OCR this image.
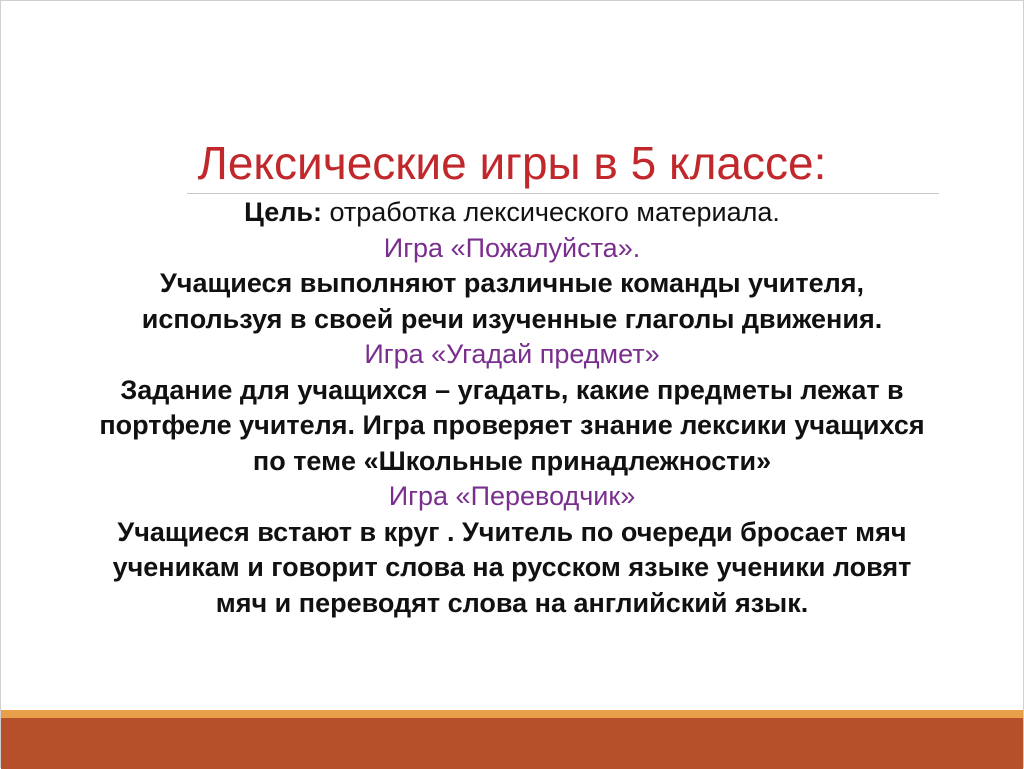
Лексические игры в 5 классе:
Цель: отработка лексического материала.
Игра «Пожалуйста».
Учащиеся выполняют различные команды учителя,
используя в своей речи изученные глаголы движения.
Игра «Угадай предмет»
Задание для учащихся – угадать, какие предметы лежат в
портфеле учителя. Игра проверяет знание лексики учащихся
по теме «Школьные принадлежности»
Игра «Переводчик»
Учащиеся встают в круг . Учитель по очереди бросает мяч
ученикам и говорит слова на русском языке ученики ловят
мяч и переводят слова на английский язык.
